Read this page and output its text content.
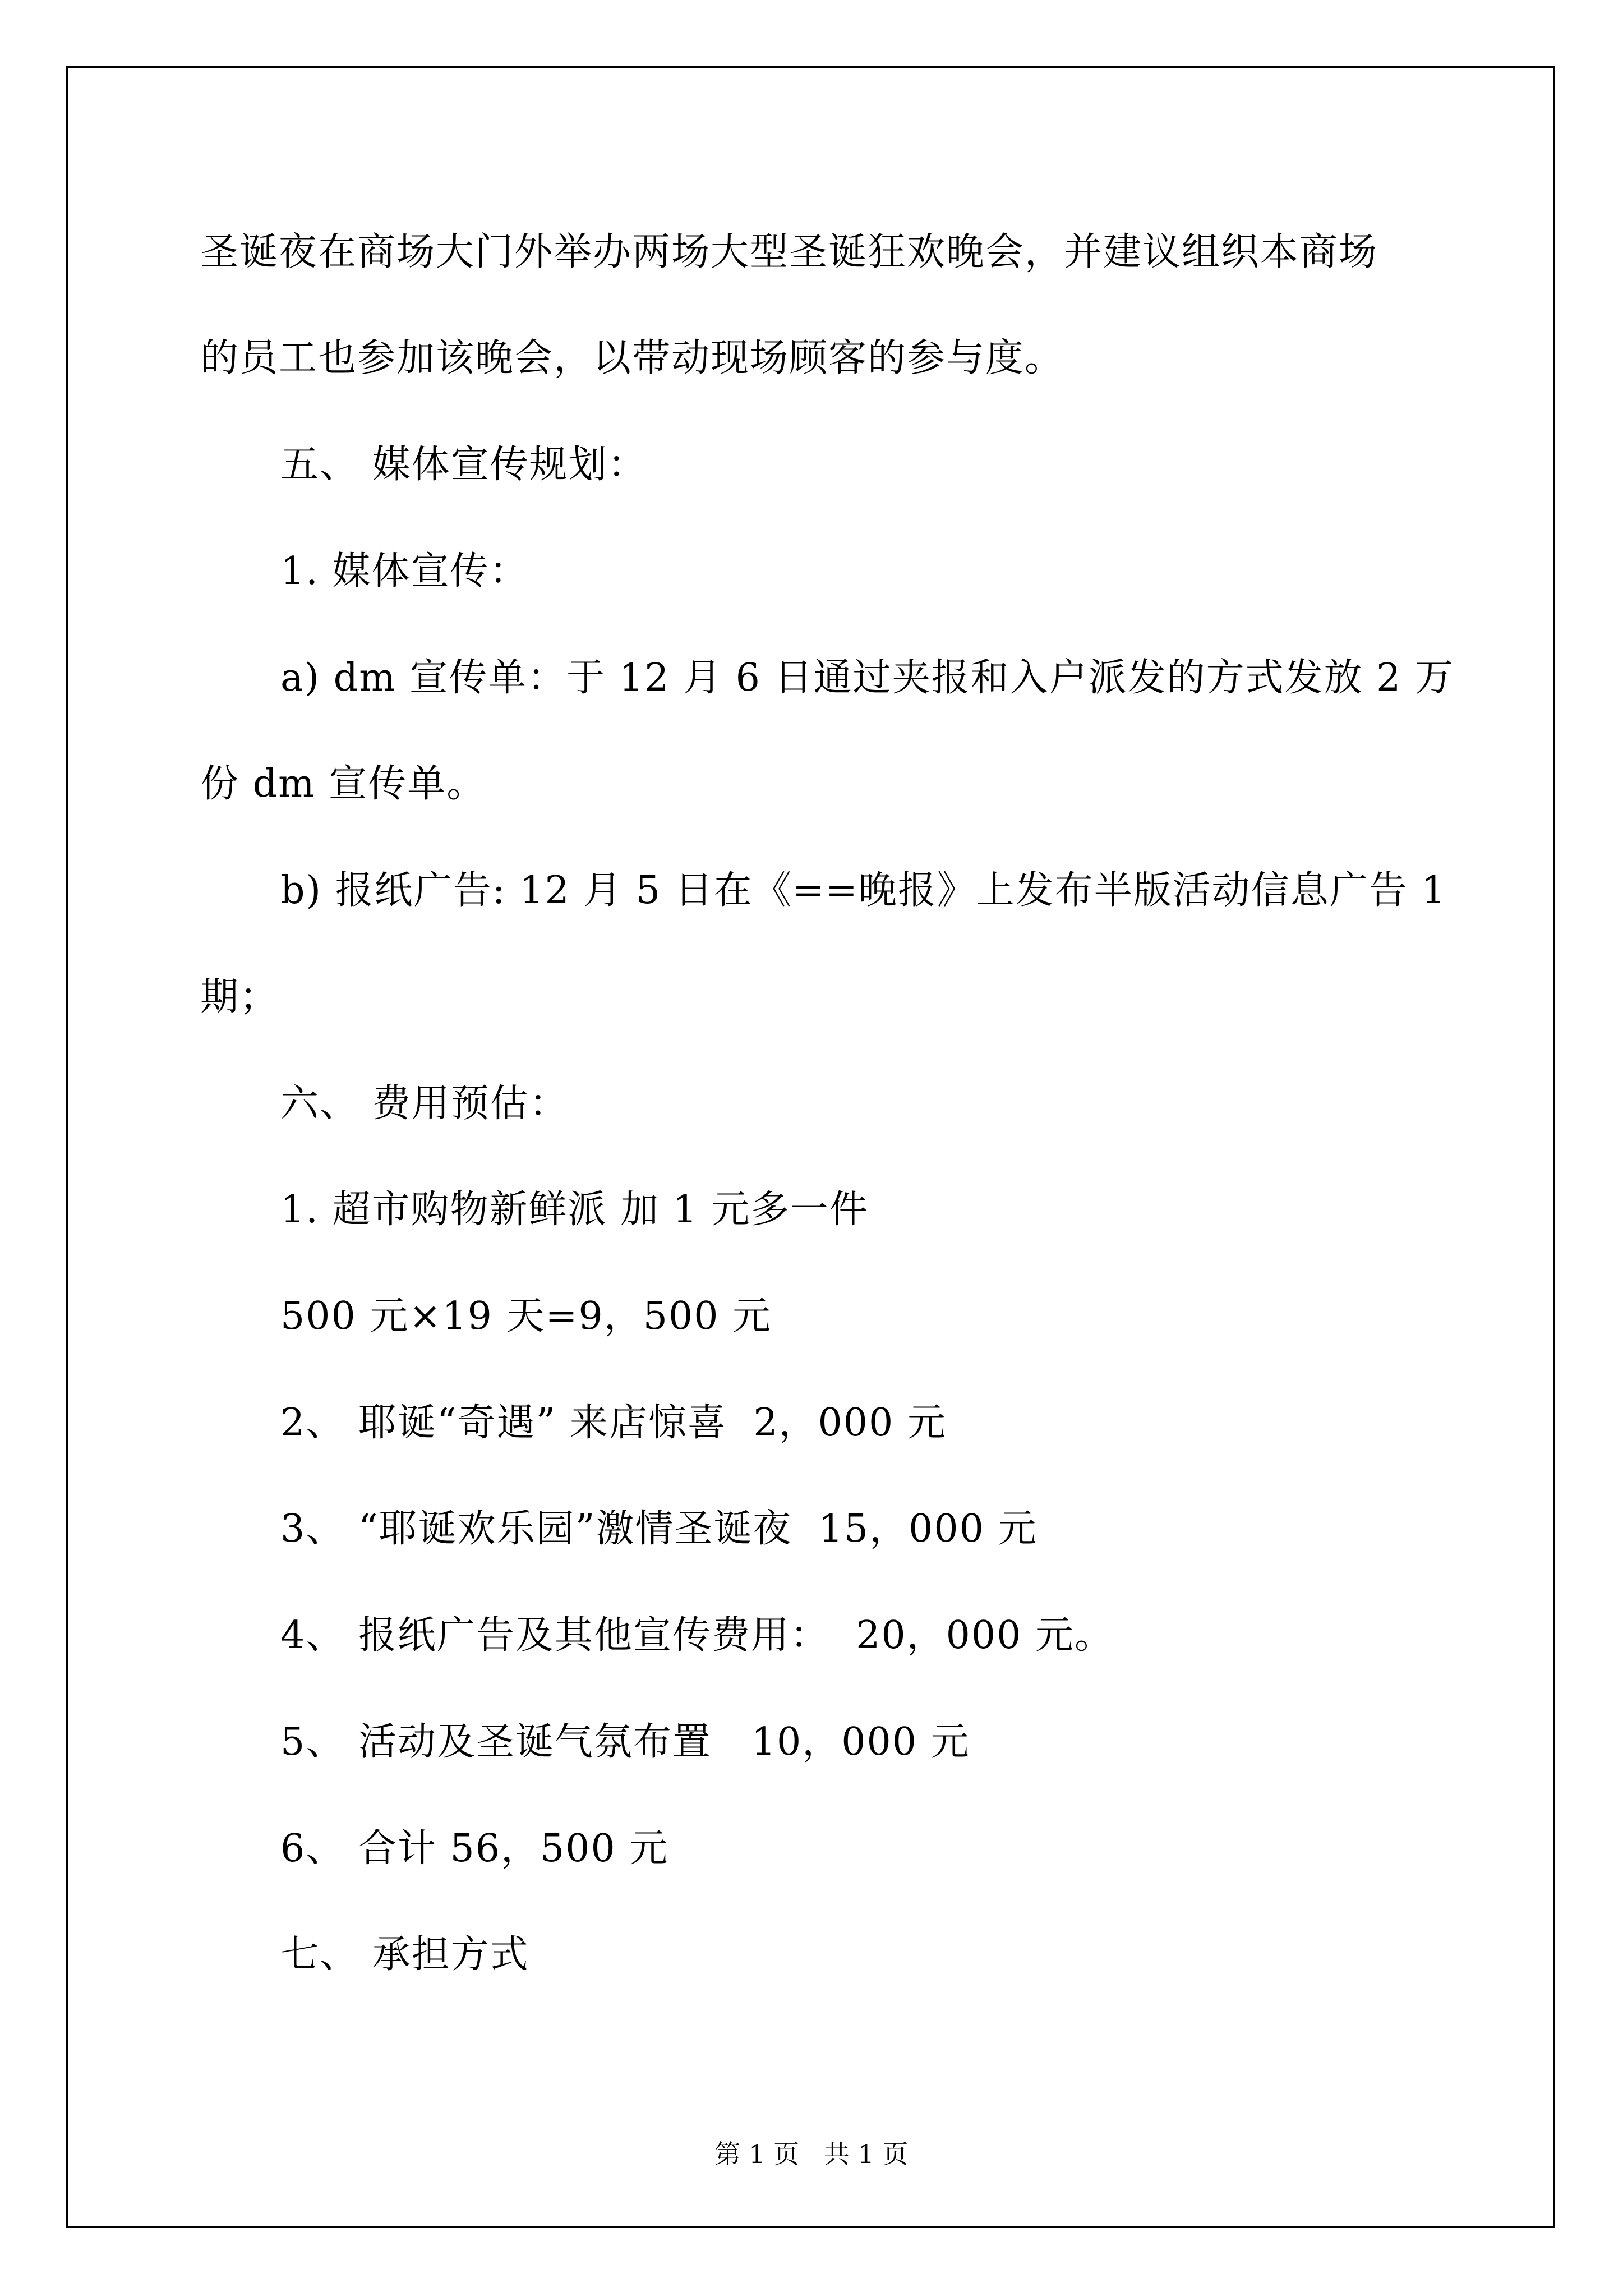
圣诞夜在商场大门外举办两场大型圣诞狂欢晚会，并建议组织本商场
的员工也参加该晚会，以带动现场顾客的参与度。
五、 媒体宣传规划：
1. 媒体宣传：
a) dm 宣传单：于 12 月 6 日通过夹报和入户派发的方式发放 2 万
份 dm 宣传单。
b) 报纸广告: 12 月 5 日在《==晚报》上发布半版活动信息广告 1
期；
六、 费用预估：
1. 超市购物新鲜派 加 1 元多一件
500 元×19 天=9，500 元
2、 耶诞“奇遇” 来店惊喜  2，000 元
3、 “耶诞欢乐园”激情圣诞夜  15，000 元
4、 报纸广告及其他宣传费用：  20，000 元。
5、 活动及圣诞气氛布置   10，000 元
6、 合计 56，500 元
七、 承担方式
第 1 页   共 1 页
